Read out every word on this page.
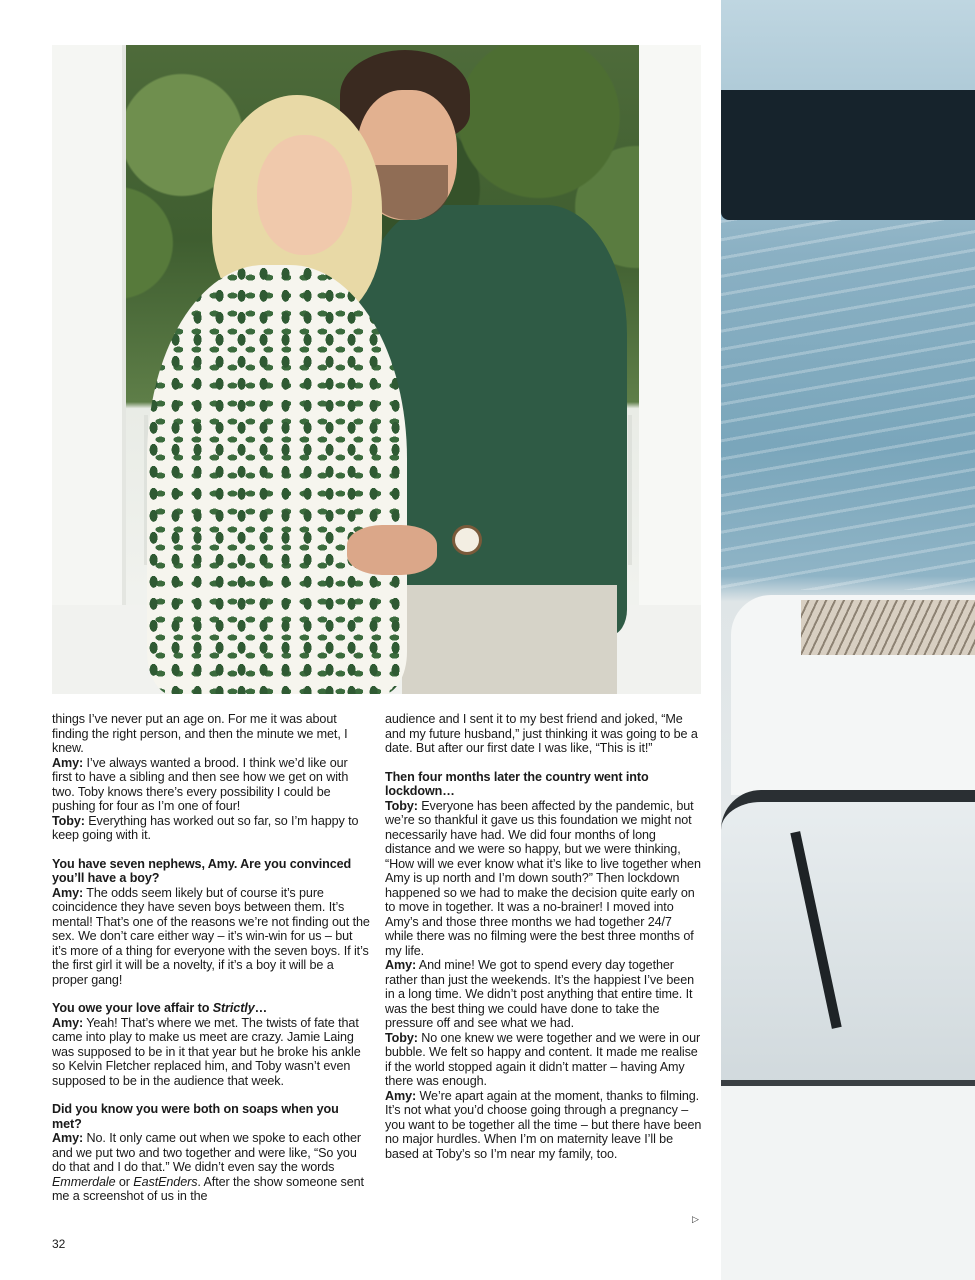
things I’ve never put an age on. For me it was about finding the right person, and then the minute we met, I knew.

Amy: I’ve always wanted a brood. I think we’d like our first to have a sibling and then see how we get on with two. Toby knows there’s every possibility I could be pushing for four as I’m one of four!

Toby: Everything has worked out so far, so I’m happy to keep going with it.

You have seven nephews, Amy. Are you convinced you’ll have a boy?

Amy: The odds seem likely but of course it’s pure coincidence they have seven boys between them. It’s mental! That’s one of the reasons we’re not finding out the sex. We don’t care either way – it’s win-win for us – but it’s more of a thing for everyone with the seven boys. If it’s the first girl it will be a novelty, if it’s a boy it will be a proper gang!

You owe your love affair to Strictly…

Amy: Yeah! That’s where we met. The twists of fate that came into play to make us meet are crazy. Jamie Laing was supposed to be in it that year but he broke his ankle so Kelvin Fletcher replaced him, and Toby wasn’t even supposed to be in the audience that week.

Did you know you were both on soaps when you met?

Amy: No. It only came out when we spoke to each other and we put two and two together and were like, “So you do that and I do that.” We didn’t even say the words Emmerdale or EastEnders. After the show someone sent me a screenshot of us in the

audience and I sent it to my best friend and joked, “Me and my future husband,” just thinking it was going to be a date. But after our first date I was like, “This is it!”

Then four months later the country went into lockdown…

Toby: Everyone has been affected by the pandemic, but we’re so thankful it gave us this foundation we might not necessarily have had. We did four months of long distance and we were so happy, but we were thinking, “How will we ever know what it’s like to live together when Amy is up north and I’m down south?” Then lockdown happened so we had to make the decision quite early on to move in together. It was a no-brainer! I moved into Amy’s and those three months we had together 24/7 while there was no filming were the best three months of my life.

Amy: And mine! We got to spend every day together rather than just the weekends. It’s the happiest I’ve been in a long time. We didn’t post anything that entire time. It was the best thing we could have done to take the pressure off and see what we had.

Toby: No one knew we were together and we were in our bubble. We felt so happy and content. It made me realise if the world stopped again it didn’t matter – having Amy there was enough.

Amy: We’re apart again at the moment, thanks to filming. It’s not what you’d choose going through a pregnancy – you want to be together all the time – but there have been no major hurdles. When I’m on maternity leave I’ll be based at Toby’s so I’m near my family, too.

▷
32
